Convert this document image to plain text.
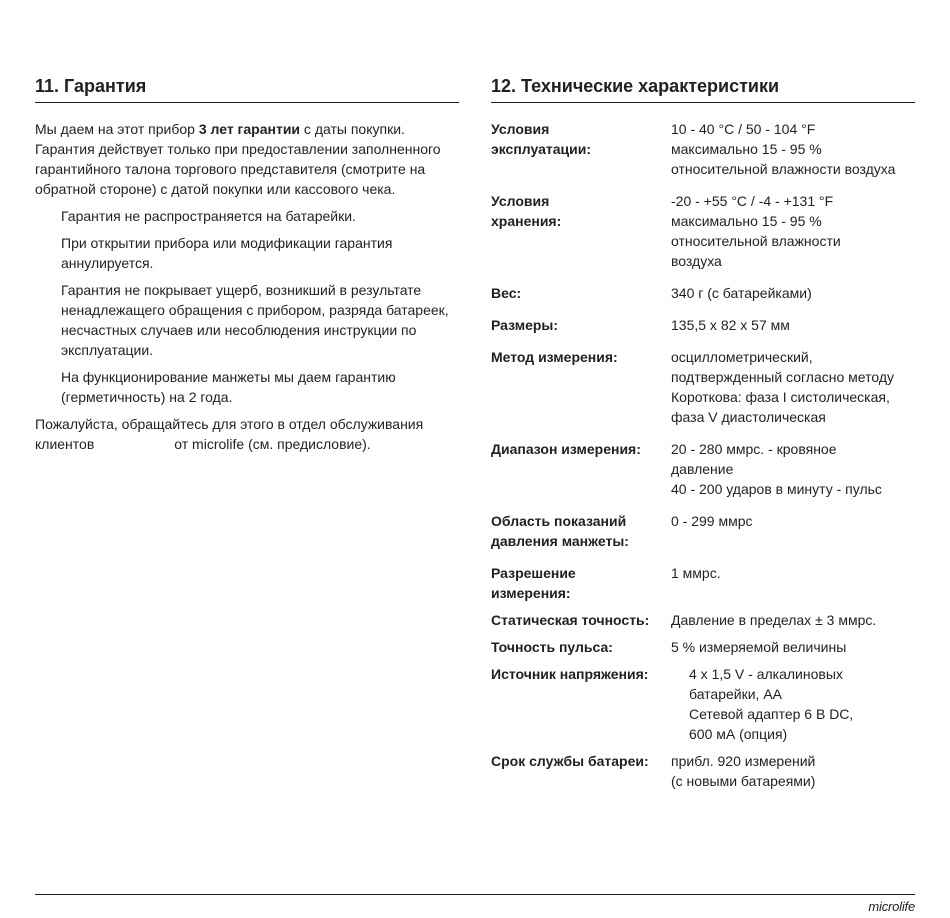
11. Гарантия

Мы даем на этот прибор 3 лет гарантии с даты покупки. Гарантия действует только при предоставлении заполненного гарантийного талона торгового представителя (смотрите на обратной стороне) с датой покупки или кассового чека.

Гарантия не распространяется на батарейки.

При открытии прибора или модификации гарантия аннулируется.

Гарантия не покрывает ущерб, возникший в результате ненадлежащего обращения с прибором, разряда батареек, несчастных случаев или несоблюдения инструкции по эксплуатации.

На функционирование манжеты мы даем гарантию (герметичность) на 2 года.

Пожалуйста, обращайтесь для этого в отдел обслуживания клиентов	от microlife (см. предисловие).

12. Технические характеристики
Условия
эксплуатации:
10 - 40 °C / 50 - 104 °F
максимально 15 - 95 %
относительной влажности воздуха
Условия
хранения:
-20 - +55 °C / -4 - +131 °F
максимально 15 - 95 %
относительной влажности
воздуха
Вес:	340 г (с батарейками)
Размеры:	135,5 x 82 x 57 мм
Метод измерения:	осциллометрический,
подтвержденный согласно методу
Короткова: фаза I систолическая,
фаза V диастолическая
Диапазон измерения:	20 - 280 ммрс. - кровяное
давление
40 - 200 ударов в минуту - пульс
Область показаний
давления манжеты:
0 - 299 ммрс
Разрешение
измерения:
1 ммрс.
Статическая точность:	Давление в пределах ± 3 ммрс.
Точность пульса:	5 % измеряемой величины
Источник напряжения:	4 x 1,5 V - алкалиновых
батарейки, AA
Сетевой адаптер 6 В DC,
600 мА (опция)
Срок службы батареи:	прибл. 920 измерений
(с новыми батареями)
microlife
